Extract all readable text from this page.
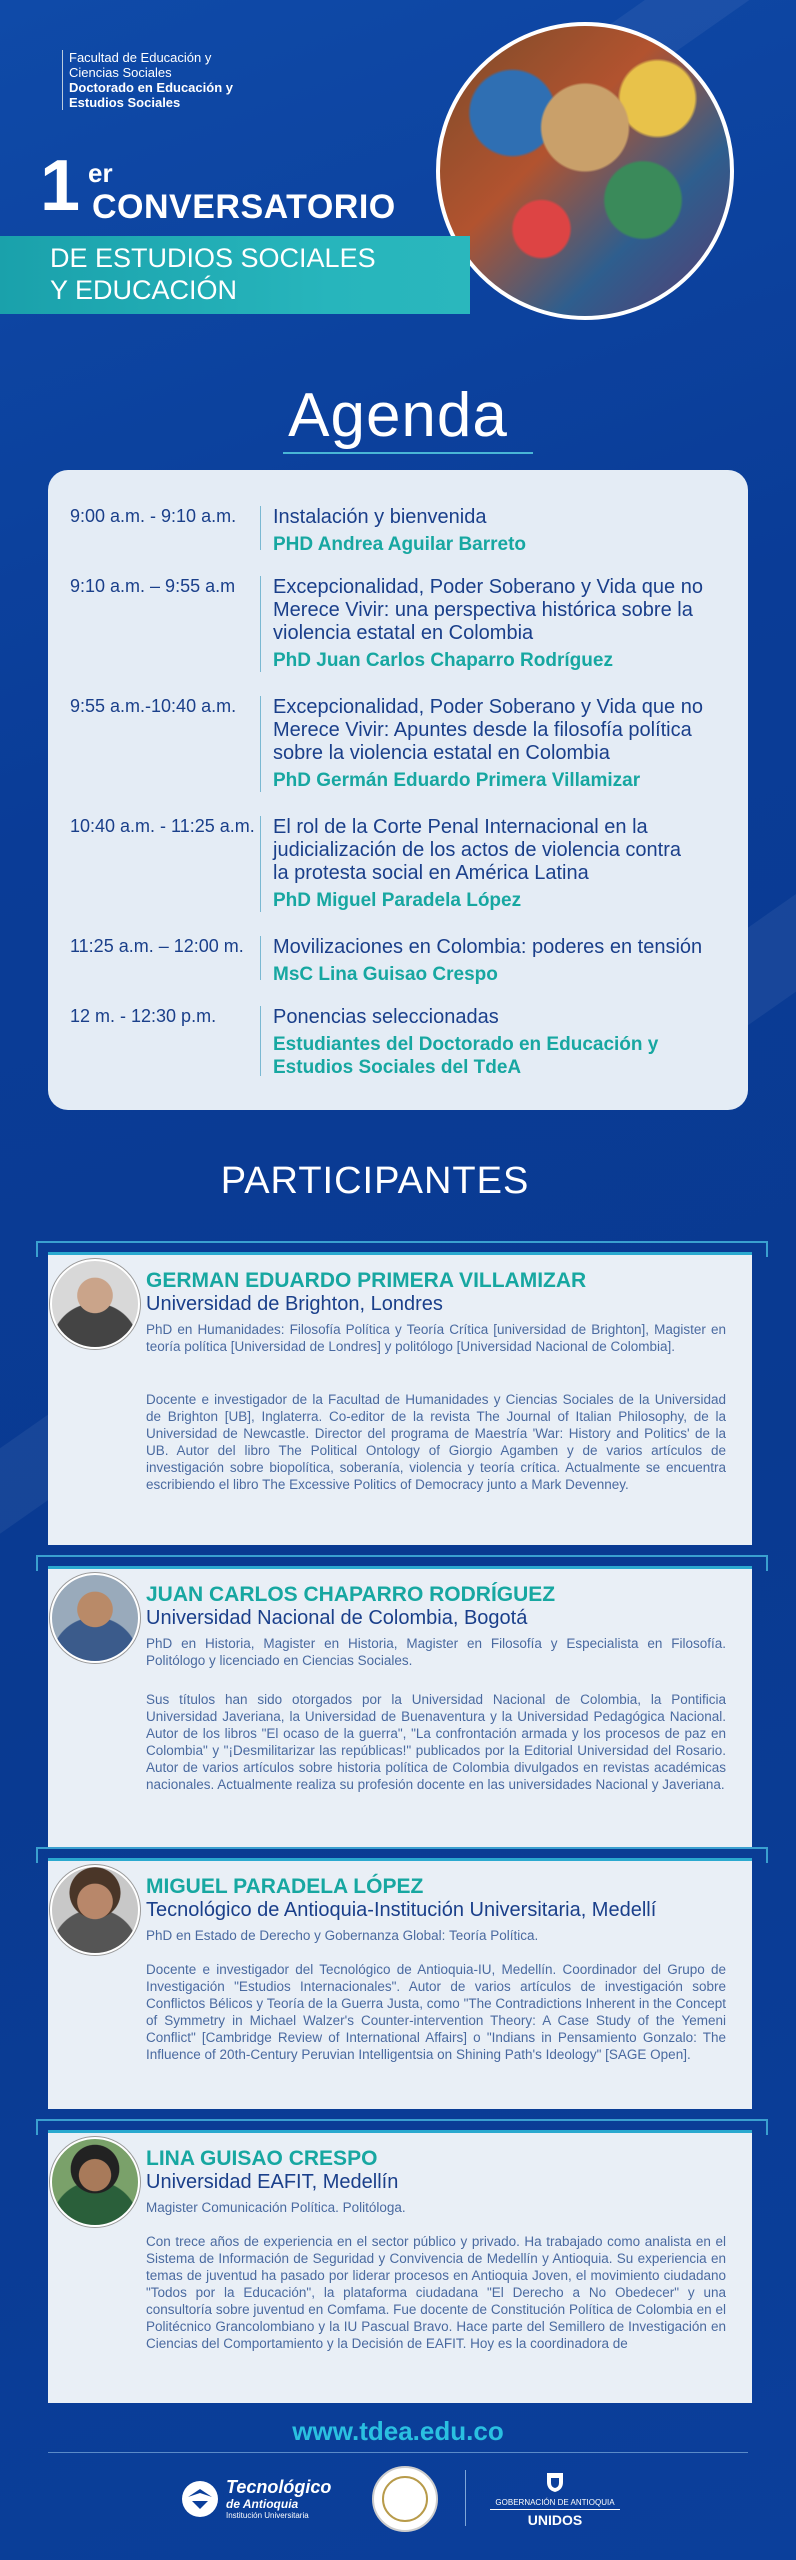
Facultad de Educación y
Ciencias Sociales
Doctorado en Educación y
Estudios Sociales
1 er
CONVERSATORIO
DE ESTUDIOS SOCIALES
Y EDUCACIÓN
Agenda
9:00 a.m. - 9:10 a.m.	Instalación y bienvenida
PHD Andrea Aguilar Barreto
9:10 a.m. – 9:55 a.m	Excepcionalidad, Poder Soberano y Vida que no
Merece Vivir: una perspectiva histórica sobre la
violencia estatal en Colombia
PhD Juan Carlos Chaparro Rodríguez
9:55 a.m.-10:40 a.m.	Excepcionalidad, Poder Soberano y Vida que no
Merece Vivir: Apuntes desde la filosofía política
sobre la violencia estatal en Colombia
PhD Germán Eduardo Primera Villamizar
10:40 a.m. - 11:25 a.m. El rol de la Corte Penal Internacional en la
judicialización de los actos de violencia contra
la protesta social en América Latina
PhD Miguel Paradela López
11:25 a.m. – 12:00 m.	Movilizaciones en Colombia: poderes en tensión
MsC Lina Guisao Crespo
12 m. - 12:30 p.m.	Ponencias seleccionadas
Estudiantes del Doctorado en Educación y Estudios Sociales del TdeA
PARTICIPANTES
GERMAN EDUARDO PRIMERA VILLAMIZAR
Universidad de Brighton, Londres
PhD en Humanidades: Filosofía Política y Teoría Crítica [universidad de Brighton], Magister en teoría política [Universidad de Londres] y politólogo [Universidad Nacional de Colombia].
Docente e investigador de la Facultad de Humanidades y Ciencias Sociales de la Universidad de Brighton [UB], Inglaterra. Co-editor de la revista The Journal of Italian Philosophy, de la Universidad de Newcastle. Director del programa de Maestría 'War: History and Politics' de la UB. Autor del libro The Political Ontology of Giorgio Agamben y de varios artículos de investigación sobre biopolítica, soberanía, violencia y teoría crítica. Actualmente se encuentra escribiendo el libro The Excessive Politics of Democracy junto a Mark Devenney.
JUAN CARLOS CHAPARRO RODRÍGUEZ
Universidad Nacional de Colombia, Bogotá
PhD en Historia, Magister en Historia, Magister en Filosofía y Especialista en Filosofía. Politólogo y licenciado en Ciencias Sociales.
Sus títulos han sido otorgados por la Universidad Nacional de Colombia, la Pontificia Universidad Javeriana, la Universidad de Buenaventura y la Universidad Pedagógica Nacional. Autor de los libros "El ocaso de la guerra", "La confrontación armada y los procesos de paz en Colombia" y "¡Desmilitarizar las repúblicas!" publicados por la Editorial Universidad del Rosario. Autor de varios artículos sobre historia política de Colombia divulgados en revistas académicas nacionales. Actualmente realiza su profesión docente en las universidades Nacional y Javeriana.
MIGUEL PARADELA LÓPEZ
Tecnológico de Antioquia-Institución Universitaria, Medellí
PhD en Estado de Derecho y Gobernanza Global: Teoría Política.
Docente e investigador del Tecnológico de Antioquia-IU, Medellín. Coordinador del Grupo de Investigación "Estudios Internacionales". Autor de varios artículos de investigación sobre Conflictos Bélicos y Teoría de la Guerra Justa, como "The Contradictions Inherent in the Concept of Symmetry in Michael Walzer's Counter-intervention Theory: A Case Study of the Yemeni Conflict" [Cambridge Review of International Affairs] o "Indians in Pensamiento Gonzalo: The Influence of 20th-Century Peruvian Intelligentsia on Shining Path's Ideology" [SAGE Open].
LINA GUISAO CRESPO
Universidad EAFIT, Medellín
Magister Comunicación Política. Politóloga.
Con trece años de experiencia en el sector público y privado. Ha trabajado como analista en el Sistema de Información de Seguridad y Convivencia de Medellín y Antioquia. Su experiencia en temas de juventud ha pasado por liderar procesos en Antioquia Joven, el movimiento ciudadano "Todos por la Educación", la plataforma ciudadana "El Derecho a No Obedecer" y una consultoría sobre juventud en Comfama. Fue docente de Constitución Política de Colombia en el Politécnico Grancolombiano y la IU Pascual Bravo. Hace parte del Semillero de Investigación en Ciencias del Comportamiento y la Decisión de EAFIT. Hoy es la coordinadora de
www.tdea.edu.co
Tecnológico
de Antioquia
Institución Universitaria
GOBERNACIÓN DE ANTIOQUIA
UNIDOS
